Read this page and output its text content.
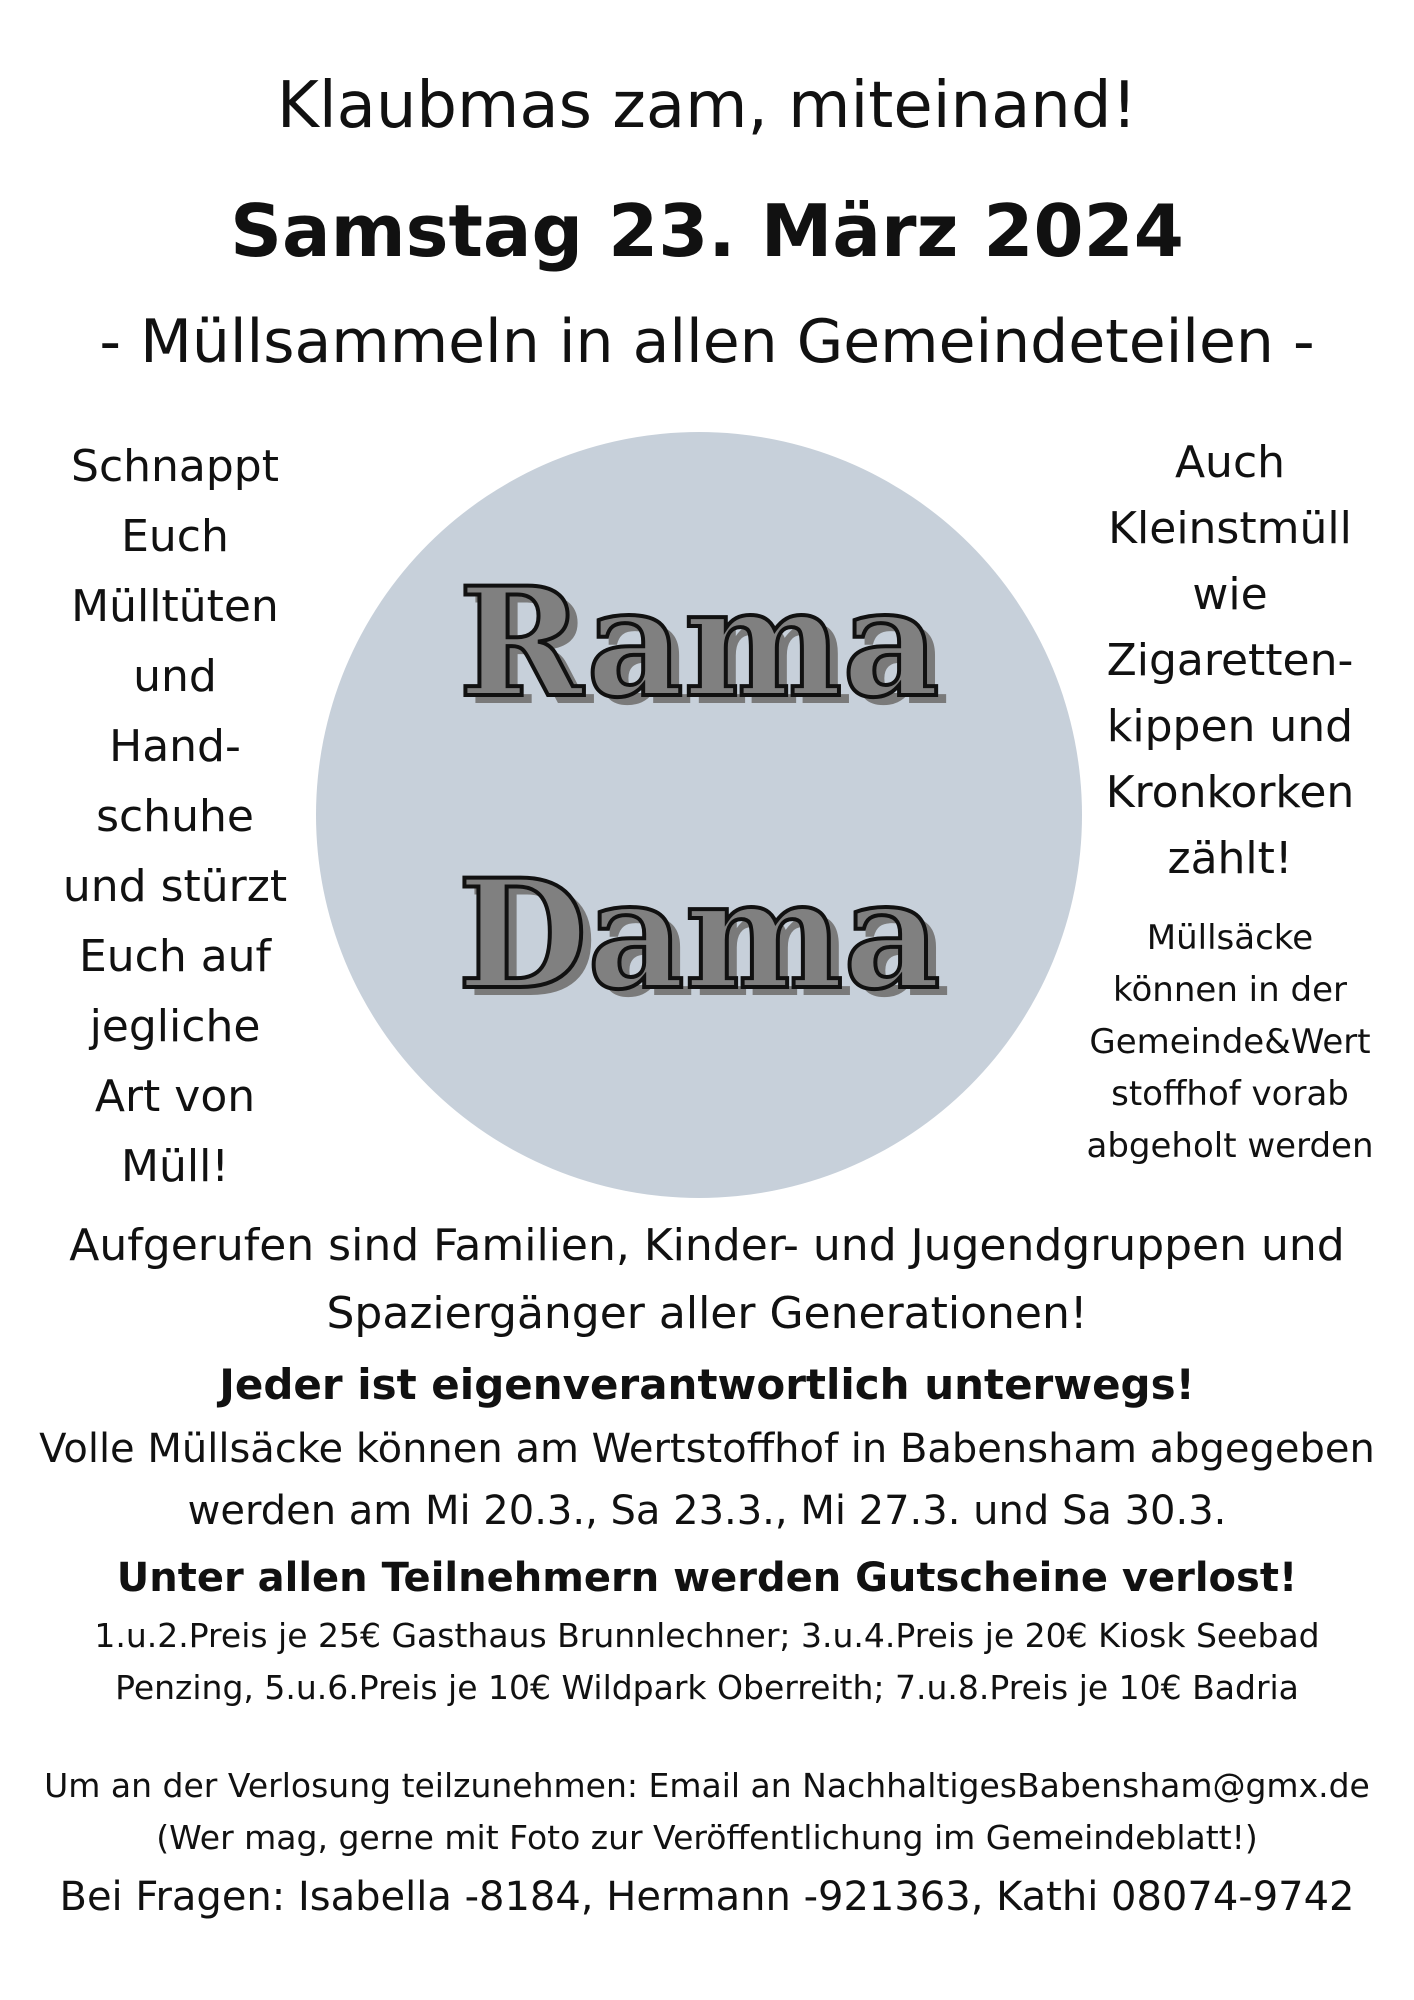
Klaubmas zam, miteinand!
Samstag 23. März 2024
- Müllsammeln in allen Gemeindeteilen -
Schnappt
Euch
Mülltüten
und
Hand-
schuhe
und stürzt
Euch auf
jegliche
Art von
Müll!
Rama
Dama
Auch
Kleinstmüll
wie
Zigaretten-
kippen und
Kronkorken
zählt!
Müllsäcke
können in der
Gemeinde&Wert
stoffhof vorab
abgeholt werden
Aufgerufen sind Familien, Kinder- und Jugendgruppen und
Spaziergänger aller Generationen!
Jeder ist eigenverantwortlich unterwegs!
Volle Müllsäcke können am Wertstoffhof in Babensham abgegeben
werden am Mi 20.3., Sa 23.3., Mi 27.3. und Sa 30.3.
Unter allen Teilnehmern werden Gutscheine verlost!
1.u.2.Preis je 25€ Gasthaus Brunnlechner; 3.u.4.Preis je 20€ Kiosk Seebad
Penzing, 5.u.6.Preis je 10€ Wildpark Oberreith; 7.u.8.Preis je 10€ Badria
Um an der Verlosung teilzunehmen: Email an NachhaltigesBabensham@gmx.de
(Wer mag, gerne mit Foto zur Veröffentlichung im Gemeindeblatt!)
Bei Fragen: Isabella -8184, Hermann -921363, Kathi 08074-9742
